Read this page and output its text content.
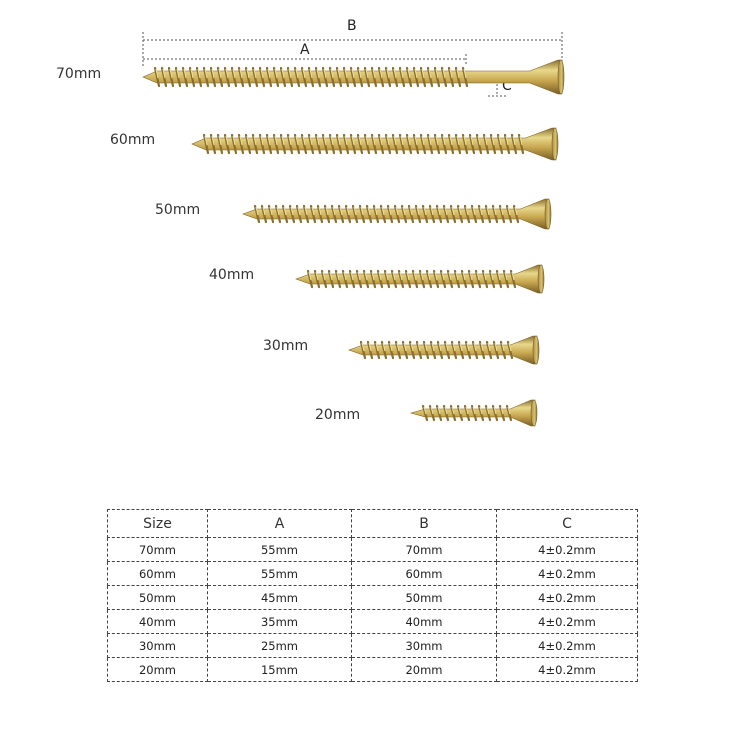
B
A
C
70mm
60mm
50mm
40mm
30mm
20mm
Size	A	B	C
70mm	55mm	70mm	4±0.2mm
60mm	55mm	60mm	4±0.2mm
50mm	45mm	50mm	4±0.2mm
40mm	35mm	40mm	4±0.2mm
30mm	25mm	30mm	4±0.2mm
20mm	15mm	20mm	4±0.2mm
